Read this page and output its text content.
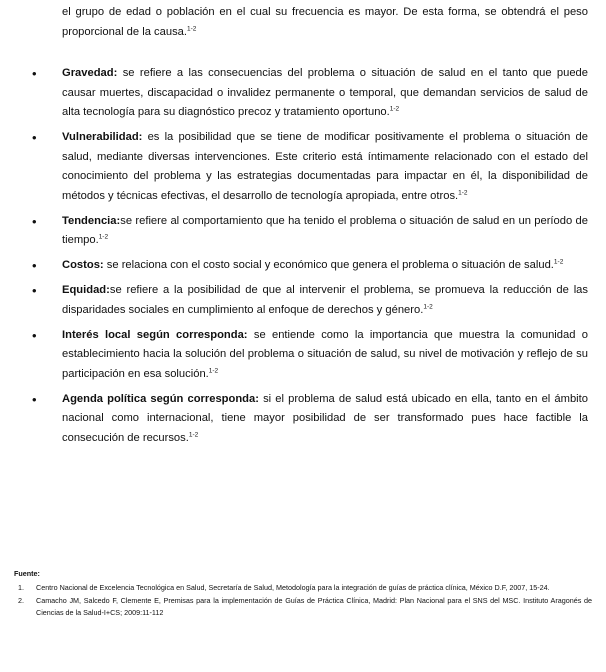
el grupo de edad o población en el cual su frecuencia es mayor. De esta forma, se obtendrá el peso proporcional de la causa.$^{1-2}$

• Gravedad: se refiere a las consecuencias del problema o situación de salud en el tanto que puede causar muertes, discapacidad o invalidez permanente o temporal, que demandan servicios de salud de alta tecnología para su diagnóstico precoz y tratamiento oportuno.$^{1-2}$
• Vulnerabilidad: es la posibilidad que se tiene de modificar positivamente el problema o situación de salud, mediante diversas intervenciones. Este criterio está íntimamente relacionado con el estado del conocimiento del problema y las estrategias documentadas para impactar en él, la disponibilidad de métodos y técnicas efectivas, el desarrollo de tecnología apropiada, entre otros.$^{1-2}$
• Tendencia:se refiere al comportamiento que ha tenido el problema o situación de salud en un período de tiempo.$^{1-2}$
• Costos: se relaciona con el costo social y económico que genera el problema o situación de salud.$^{1-2}$
• Equidad:se refiere a la posibilidad de que al intervenir el problema, se promueva la reducción de las disparidades sociales en cumplimiento al enfoque de derechos y género.$^{1-2}$
• Interés local según corresponda: se entiende como la importancia que muestra la comunidad o establecimiento hacia la solución del problema o situación de salud, su nivel de motivación y reflejo de su participación en esa solución.$^{1-2}$
• Agenda política según corresponda: si el problema de salud está ubicado en ella, tanto en el ámbito nacional como internacional, tiene mayor posibilidad de ser transformado pues hace factible la consecución de recursos.$^{1-2}$
Fuente:
1. Centro Nacional de Excelencia Tecnológica en Salud, Secretaría de Salud, Metodología para la integración de guías de práctica clínica, México D.F, 2007, 15-24.
2. Camacho JM, Salcedo F, Clemente E, Premisas para la implementación de Guías de Práctica Clínica, Madrid: Plan Nacional para el SNS del MSC. Instituto Aragonés de Ciencias de la Salud-I+CS; 2009:11-112
